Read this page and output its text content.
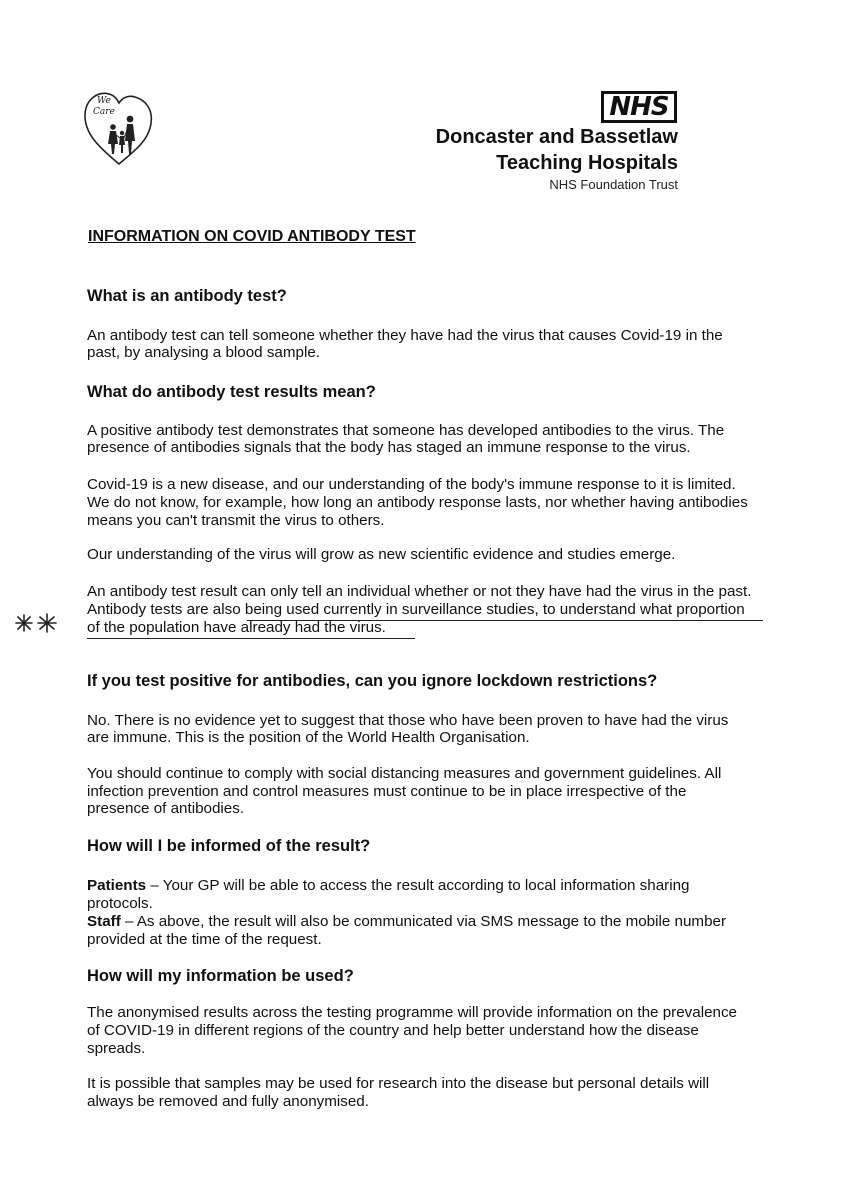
We
Care	NHS
Doncaster and Bassetlaw
Teaching Hospitals
NHS Foundation Trust
INFORMATION ON COVID ANTIBODY TEST
What is an antibody test?
An antibody test can tell someone whether they have had the virus that causes Covid-19 in the
past, by analysing a blood sample.
What do antibody test results mean?
A positive antibody test demonstrates that someone has developed antibodies to the virus. The
presence of antibodies signals that the body has staged an immune response to the virus.
Covid-19 is a new disease, and our understanding of the body's immune response to it is limited.
We do not know, for example, how long an antibody response lasts, nor whether having antibodies
means you can't transmit the virus to others.
Our understanding of the virus will grow as new scientific evidence and studies emerge.
An antibody test result can only tell an individual whether or not they have had the virus in the past.
Antibody tests are also being used currently in surveillance studies, to understand what proportion
of the population have already had the virus.
If you test positive for antibodies, can you ignore lockdown restrictions?
No. There is no evidence yet to suggest that those who have been proven to have had the virus
are immune. This is the position of the World Health Organisation.
You should continue to comply with social distancing measures and government guidelines. All
infection prevention and control measures must continue to be in place irrespective of the
presence of antibodies.
How will I be informed of the result?
Patients – Your GP will be able to access the result according to local information sharing
protocols.
Staff – As above, the result will also be communicated via SMS message to the mobile number
provided at the time of the request.
How will my information be used?
The anonymised results across the testing programme will provide information on the prevalence
of COVID-19 in different regions of the country and help better understand how the disease
spreads.
It is possible that samples may be used for research into the disease but personal details will
always be removed and fully anonymised.
